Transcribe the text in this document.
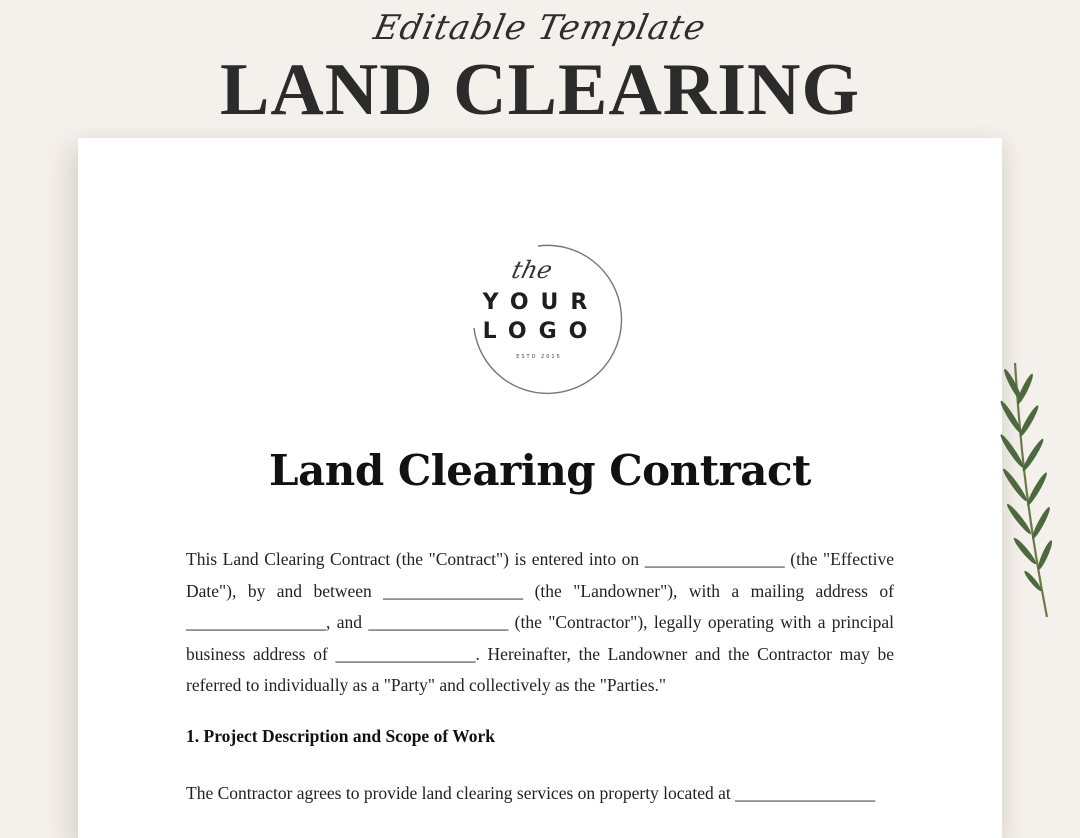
Editable Template
LAND CLEARING
the
YOUR
LOGO
ESTD 2015
Land Clearing Contract

This Land Clearing Contract (the "Contract") is entered into on ________________ (the "Effective Date"), by and between ________________ (the "Landowner"), with a mailing address of ________________, and ________________ (the "Contractor"), legally operating with a principal business address of ________________. Hereinafter, the Landowner and the Contractor may be referred to individually as a "Party" and collectively as the "Parties."

1. Project Description and Scope of Work

The Contractor agrees to provide land clearing services on property located at ________________
